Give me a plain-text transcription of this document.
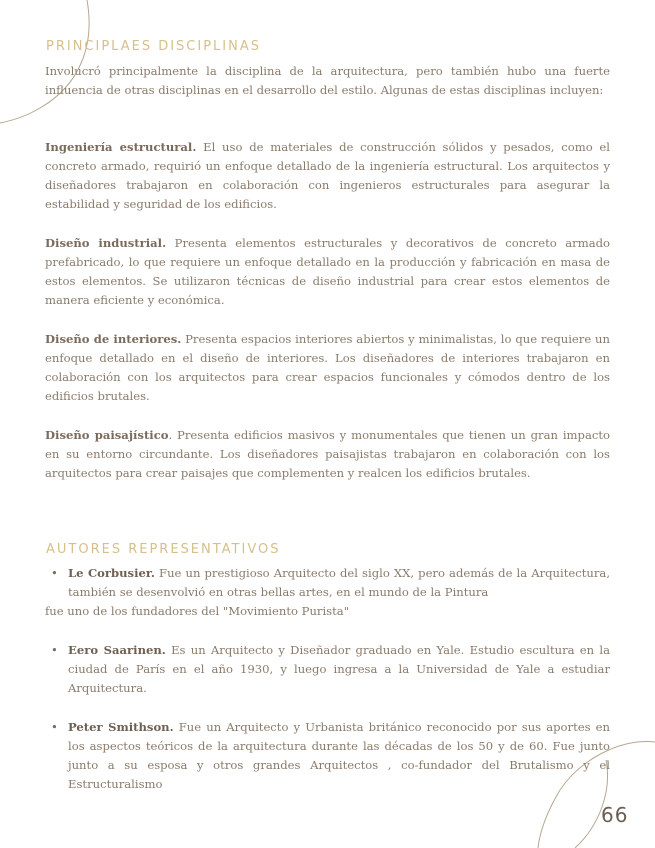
PRINCIPLAES DISCIPLINAS

Involucró principalmente la disciplina de la arquitectura, pero también hubo una fuerte influencia de otras disciplinas en el desarrollo del estilo. Algunas de estas disciplinas incluyen:

Ingeniería estructural. El uso de materiales de construcción sólidos y pesados, como el concreto armado, requirió un enfoque detallado de la ingeniería estructural. Los arquitectos y diseñadores trabajaron en colaboración con ingenieros estructurales para asegurar la estabilidad y seguridad de los edificios.

Diseño industrial. Presenta elementos estructurales y decorativos de concreto armado prefabricado, lo que requiere un enfoque detallado en la producción y fabricación en masa de estos elementos. Se utilizaron técnicas de diseño industrial para crear estos elementos de manera eficiente y económica.

Diseño de interiores. Presenta espacios interiores abiertos y minimalistas, lo que requiere un enfoque detallado en el diseño de interiores. Los diseñadores de interiores trabajaron en colaboración con los arquitectos para crear espacios funcionales y cómodos dentro de los edificios brutales.

Diseño paisajístico. Presenta edificios masivos y monumentales que tienen un gran impacto en su entorno circundante. Los diseñadores paisajistas trabajaron en colaboración con los arquitectos para crear paisajes que complementen y realcen los edificios brutales.

AUTORES REPRESENTATIVOS
• Le Corbusier. Fue un prestigioso Arquitecto del siglo XX, pero además de la Arquitectura, también se desenvolvió en otras bellas artes, en el mundo de la Pintura
fue uno de los fundadores del "Movimiento Purista"
• Eero Saarinen. Es un Arquitecto y Diseñador graduado en Yale. Estudio escultura en la ciudad de París en el año 1930, y luego ingresa a la Universidad de Yale a estudiar Arquitectura.
• Peter Smithson. Fue un Arquitecto y Urbanista británico reconocido por sus aportes en los aspectos teóricos de la arquitectura durante las décadas de los 50 y de 60. Fue junto junto a su esposa y otros grandes Arquitectos , co-fundador del Brutalismo y el Estructuralismo
66
